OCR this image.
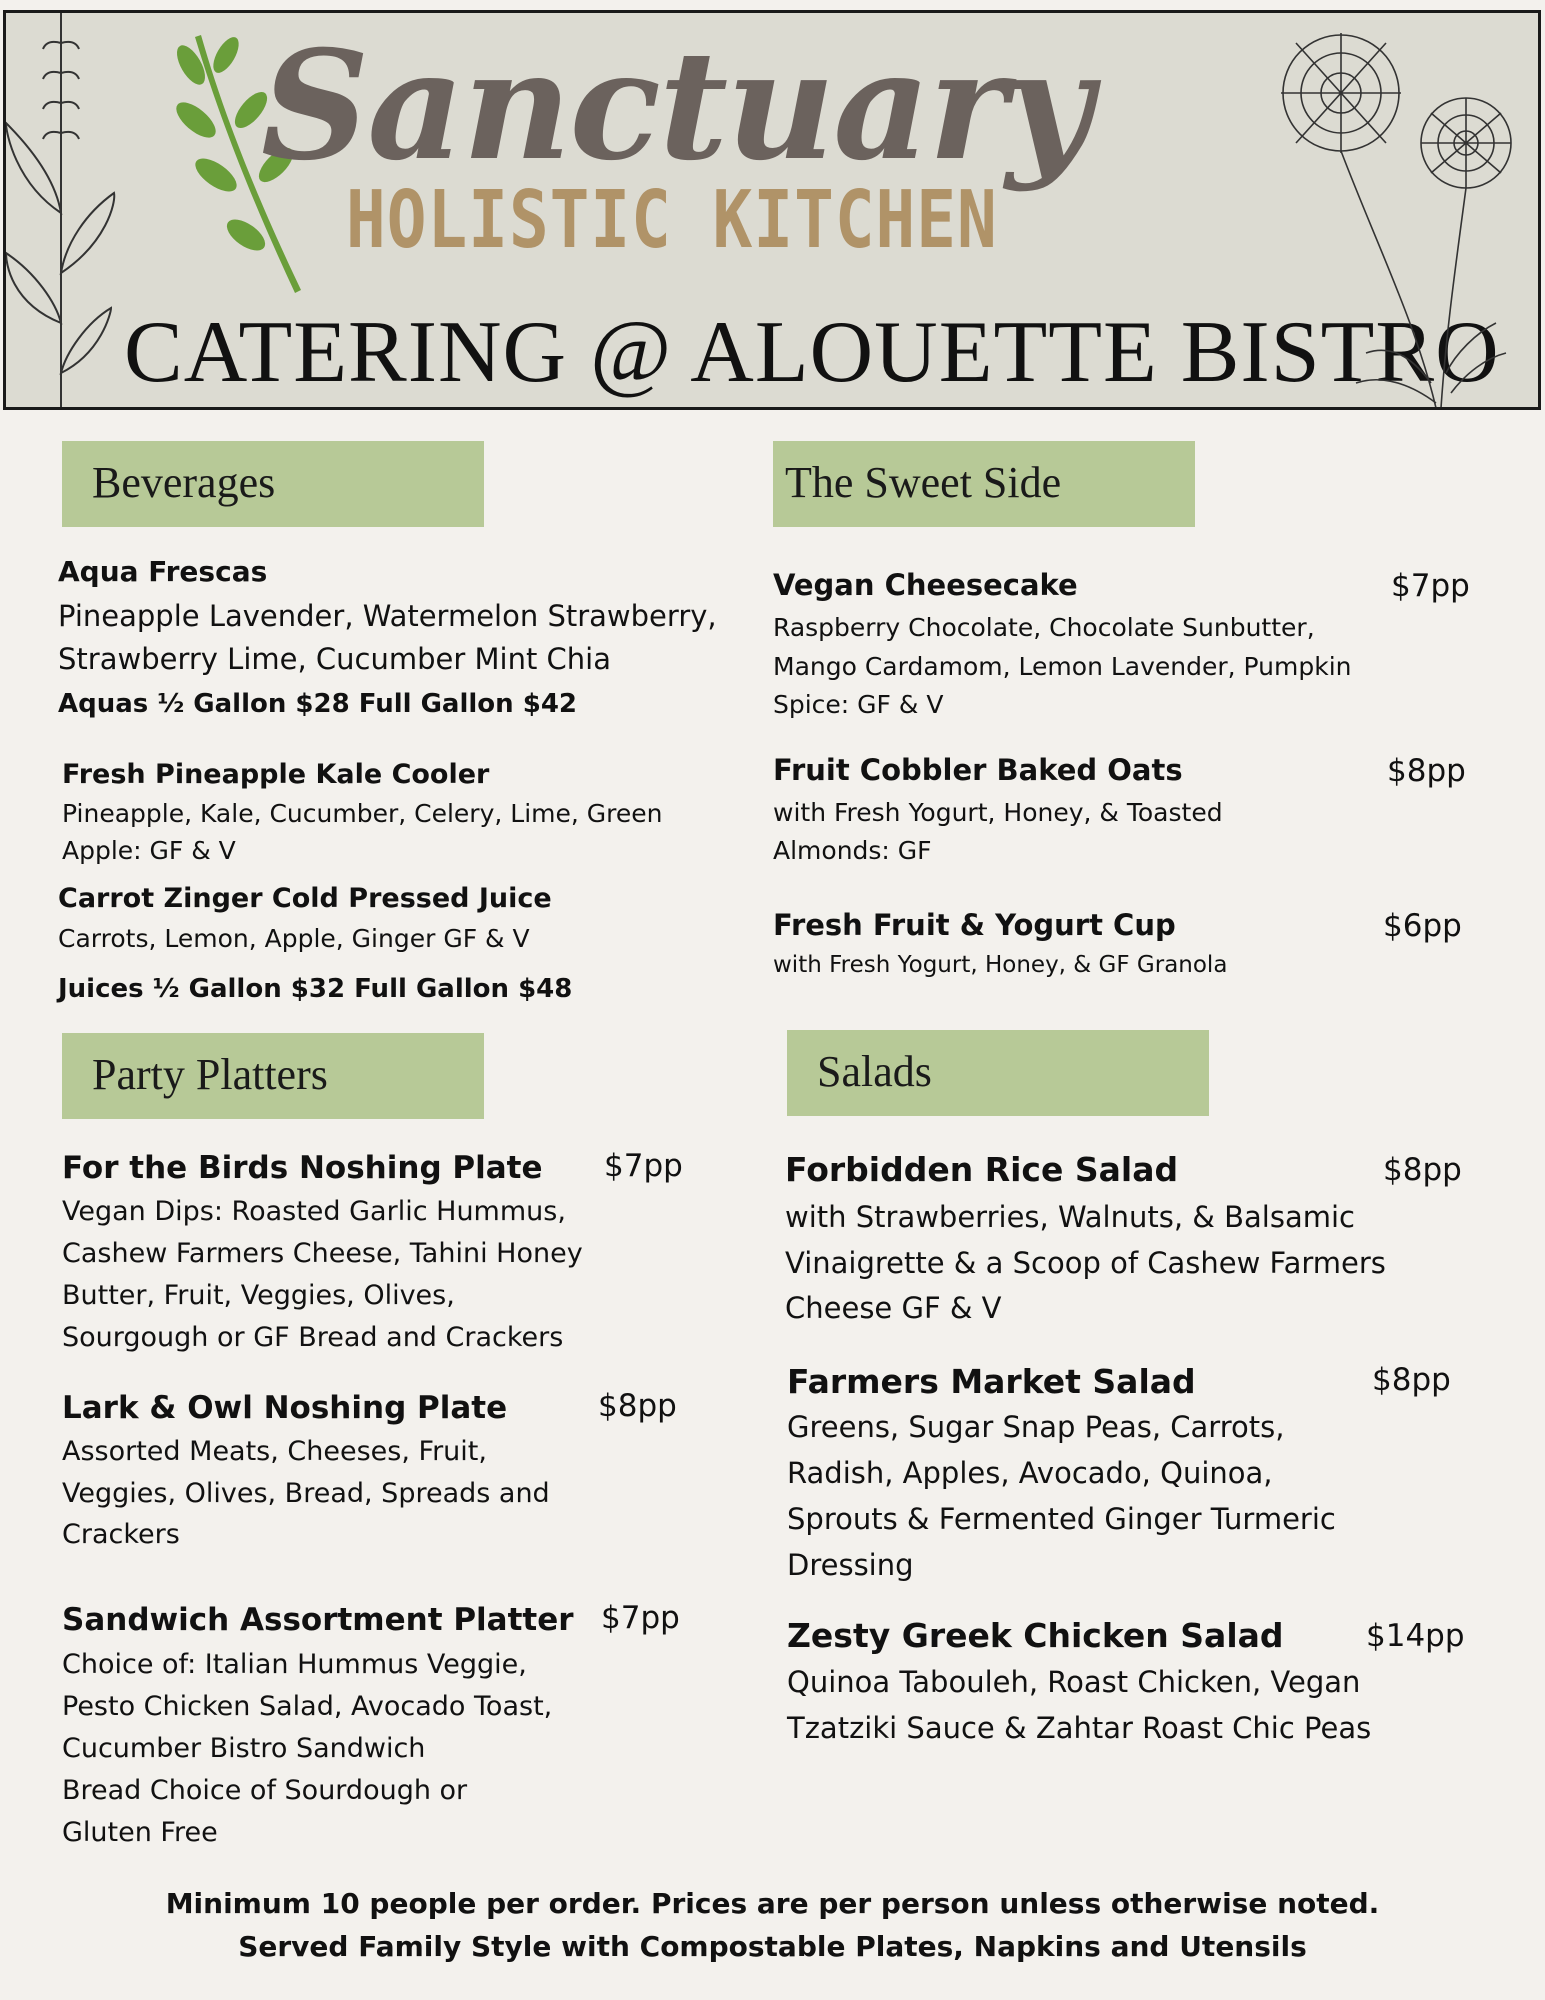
Sanctuary
HOLISTIC KITCHEN
CATERING @ ALOUETTE BISTRO
Beverages
Aqua Frescas
Pineapple Lavender, Watermelon Strawberry,
Strawberry Lime, Cucumber Mint Chia
Aquas ½ Gallon $28 Full Gallon $42
Fresh Pineapple Kale Cooler
Pineapple, Kale, Cucumber, Celery, Lime, Green
Apple: GF & V
Carrot Zinger Cold Pressed Juice
Carrots, Lemon, Apple, Ginger GF & V
Juices ½ Gallon $32 Full Gallon $48
The Sweet Side
Vegan Cheesecake	$7pp
Raspberry Chocolate, Chocolate Sunbutter,
Mango Cardamom, Lemon Lavender, Pumpkin
Spice: GF & V
Fruit Cobbler Baked Oats	$8pp
with Fresh Yogurt, Honey, & Toasted
Almonds: GF
Fresh Fruit & Yogurt Cup	$6pp
with Fresh Yogurt, Honey, & GF Granola
Party Platters
For the Birds Noshing Plate $7pp
Vegan Dips: Roasted Garlic Hummus,
Cashew Farmers Cheese, Tahini Honey
Butter, Fruit, Veggies, Olives,
Sourgough or GF Bread and Crackers
Lark & Owl Noshing Plate	$8pp
Assorted Meats, Cheeses, Fruit,
Veggies, Olives, Bread, Spreads and
Crackers
Sandwich Assortment Platter $7pp
Choice of: Italian Hummus Veggie,
Pesto Chicken Salad, Avocado Toast,
Cucumber Bistro Sandwich
Bread Choice of Sourdough or
Gluten Free
Salads
Forbidden Rice Salad	$8pp
with Strawberries, Walnuts, & Balsamic
Vinaigrette & a Scoop of Cashew Farmers
Cheese GF & V
Farmers Market Salad	$8pp
Greens, Sugar Snap Peas, Carrots,
Radish, Apples, Avocado, Quinoa,
Sprouts & Fermented Ginger Turmeric
Dressing
Zesty Greek Chicken Salad	$14pp
Quinoa Tabouleh, Roast Chicken, Vegan
Tzatziki Sauce & Zahtar Roast Chic Peas
Minimum 10 people per order. Prices are per person unless otherwise noted.
Served Family Style with Compostable Plates, Napkins and Utensils
